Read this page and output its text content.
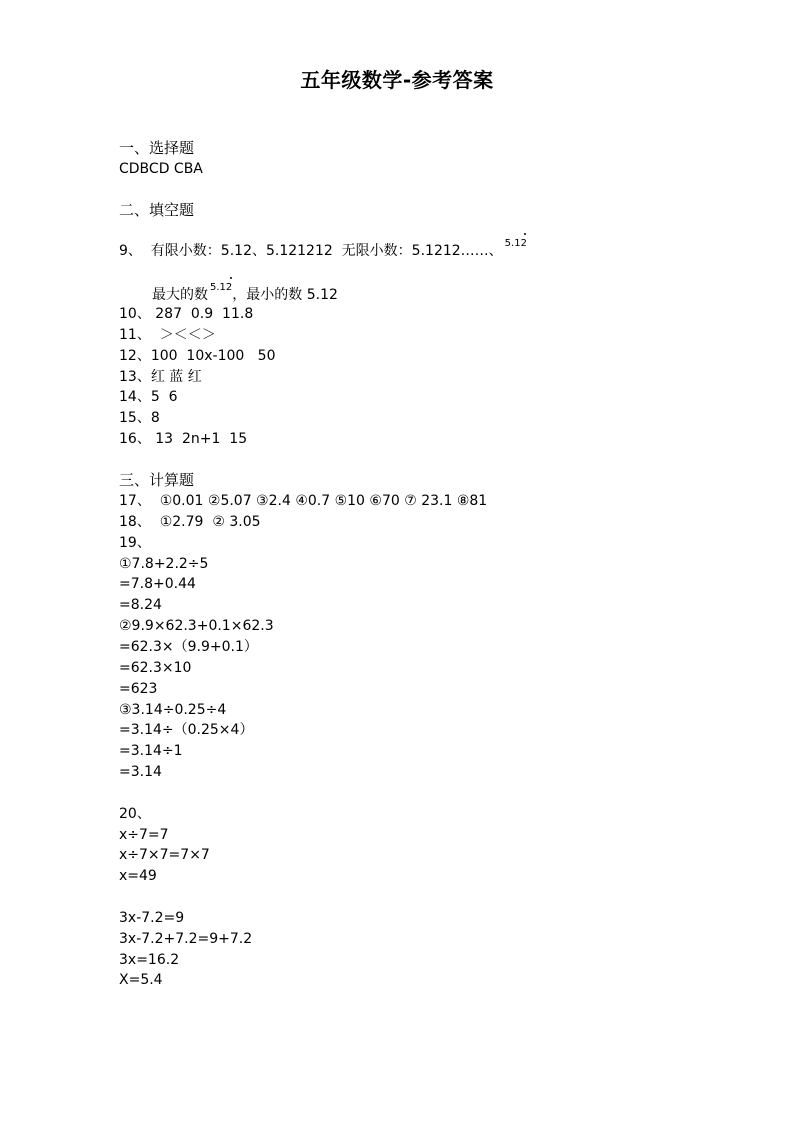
五年级数学-参考答案
一、选择题
CDBCD CBA
二、填空题
9、  有限小数：5.12、5.121212  无限小数：5.1212……、 $^{5.12}$
最大的数 $^{5.12}$，最小的数 5.12
10、 287  0.9  11.8
11、  ＞＜＜＞
12、100  10x-100   50
13、红 蓝 红
14、5  6
15、8
16、 13  2n+1  15
三、计算题
17、  ①0.01 ②5.07 ③2.4 ④0.7 ⑤10 ⑥70 ⑦ 23.1 ⑧81
18、  ①2.79  ② 3.05
19、
①7.8+2.2÷5
=7.8+0.44
=8.24
②9.9×62.3+0.1×62.3
=62.3×（9.9+0.1）
=62.3×10
=623
③3.14÷0.25÷4
=3.14÷（0.25×4）
=3.14÷1
=3.14
20、
x÷7=7
x÷7×7=7×7
x=49
3x-7.2=9
3x-7.2+7.2=9+7.2
3x=16.2
X=5.4
